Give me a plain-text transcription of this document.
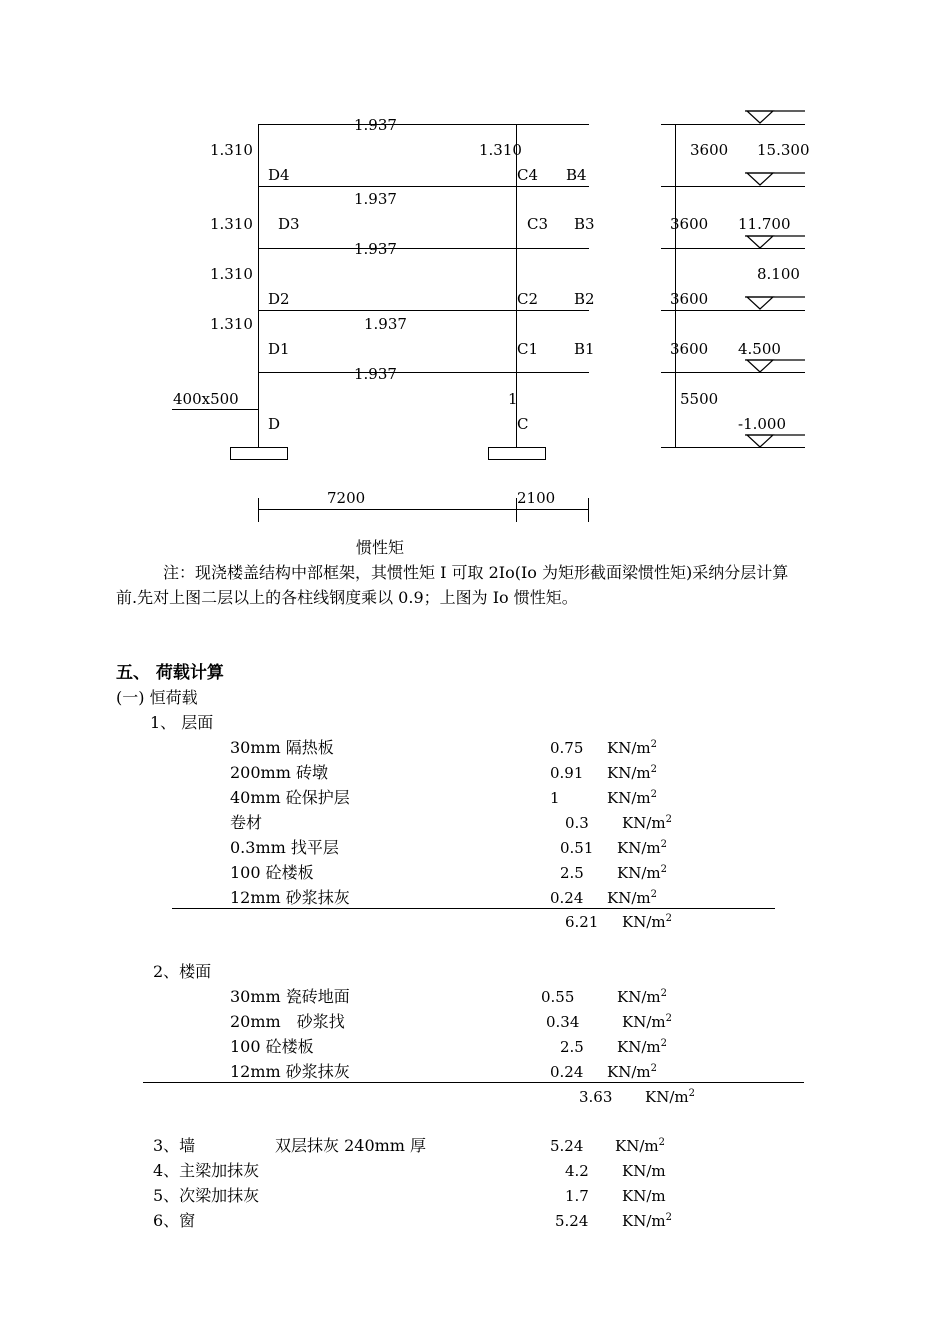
1.937
1.937
1.937
1.937
1.937
1.310	1.310
1.310
1.310
1.310
1
400x500
D4	C4 B4
D3	C3 B3
D2	C2 B2
D1	C1 B1
D	C
7200	2100
惯性矩
3600
3600
3600
3600
5500
15.300
11.700
8.100
4.500
-1.000
注：现浇楼盖结构中部框架，其惯性矩 I 可取 2Io(Io 为矩形截面梁惯性矩)采纳分层计算
前.先对上图二层以上的各柱线钢度乘以 0.9；上图为 Io 惯性矩。
五、 荷载计算
(一) 恒荷载
1、 层面
30mm 隔热板	0.75 $KN/m^2$
200mm 砖墩	0.91 $KN/m^2$
40mm 砼保护层	1	$KN/m^2$
卷材	0.3 $KN/m^2$
0.3mm 找平层	0.51 $KN/m^2$
100 砼楼板	2.5 $KN/m^2$
12mm 砂浆抹灰	0.24 $KN/m^2$
6.21 $KN/m^2$
2、楼面
30mm 瓷砖地面	0.55	$KN/m^2$
20mm　砂浆找	0.34	$KN/m^2$
100 砼楼板	2.5 $KN/m^2$
12mm 砂浆抹灰	0.24 $KN/m^2$
3.63 $KN/m^2$
3、墙	双层抹灰 240mm 厚	5.24 $KN/m^2$
4、主梁加抹灰	4.2 KN/m
5、次梁加抹灰	1.7 KN/m
6、窗	5.24 $KN/m^2$
